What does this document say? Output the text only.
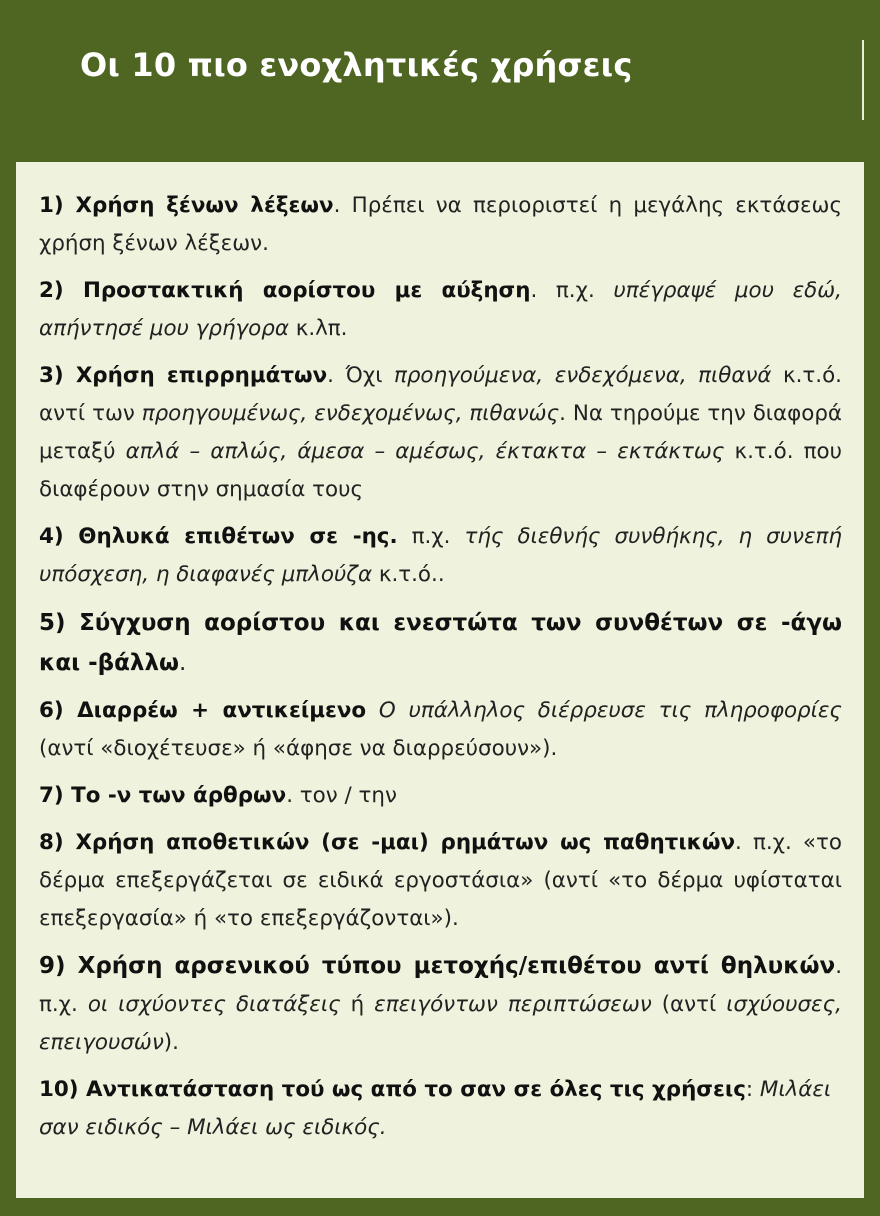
Οι 10 πιο ενοχλητικές χρήσεις

1) Χρήση ξένων λέξεων. Πρέπει να περιοριστεί η μεγάλης εκτάσεως χρήση ξένων λέξεων.

2) Προστακτική αορίστου με αύξηση. π.χ. υπέγραψέ μου εδώ, απήντησέ μου γρήγορα κ.λπ.

3) Χρήση επιρρημάτων. Όχι προηγούμενα, ενδεχόμενα, πιθανά κ.τ.ό. αντί των προηγουμένως, ενδεχομένως, πιθανώς. Να τηρούμε την διαφορά μεταξύ απλά – απλώς, άμεσα – αμέσως, έκτακτα – εκτάκτως κ.τ.ό. που διαφέρουν στην σημασία τους

4) Θηλυκά επιθέτων σε -ης. π.χ. τής διεθνής συνθήκης, η συνεπή υπόσχεση, η διαφανές μπλούζα κ.τ.ό..

5) Σύγχυση αορίστου και ενεστώτα των συνθέτων σε -άγω και -βάλλω.

6) Διαρρέω + αντικείμενο Ο υπάλληλος διέρρευσε τις πληροφορίες (αντί «διοχέτευσε» ή «άφησε να διαρρεύσουν»).

7) Το -ν των άρθρων. τον / την

8) Χρήση αποθετικών (σε -μαι) ρημάτων ως παθητικών. π.χ. «το δέρμα επεξεργάζεται σε ειδικά εργοστάσια» (αντί «το δέρμα υφίσταται επεξεργασία» ή «το επεξεργάζονται»).

9) Χρήση αρσενικού τύπου μετοχής/επιθέτου αντί θηλυκών. π.χ. οι ισχύοντες διατάξεις ή επειγόντων περιπτώσεων (αντί ισχύουσες, επειγουσών).

10) Αντικατάσταση τού ως από το σαν σε όλες τις χρήσεις: Μιλάει σαν ειδικός – Μιλάει ως ειδικός.
